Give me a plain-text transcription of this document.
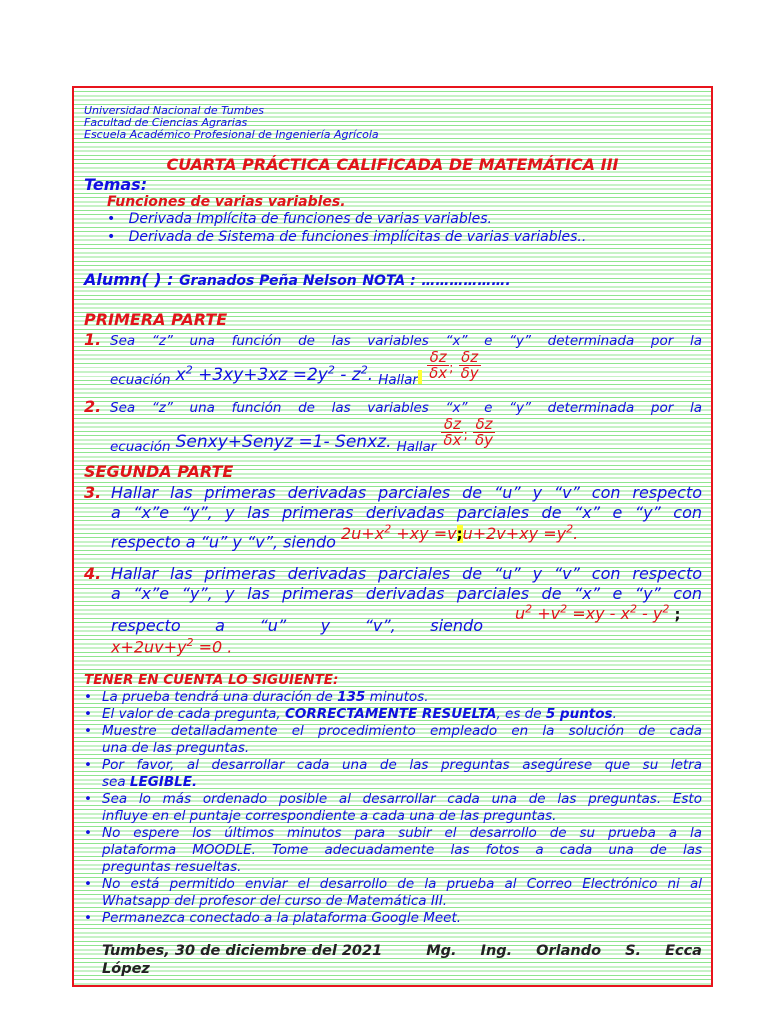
Universidad Nacional de Tumbes
Facultad de Ciencias Agrarias
Escuela Académico Profesional de Ingeniería Agrícola
CUARTA PRÁCTICA CALIFICADA DE MATEMÁTICA III
Temas:
Funciones de varias variables.
• Derivada Implícita de funciones de varias variables.
• Derivada de Sistema de funciones implícitas de varias variables..
Alumn( ) : Granados Peña Nelson NOTA : ……………….
PRIMERA PARTE
1. Sea “z” una función de las variables “x” e “y” determinada por la
$_{ecuación}$ $x^2 +3xy+3xz =2y^2 - z^2$. $_{Hallar} \frac{\delta z}{\delta x}$ ; $\frac{\delta z}{\delta y}$
2. Sea “z” una función de las variables “x” e “y” determinada por la
$_{ecuación}$ Senxy+Senyz =1- Senxz. $_{Hallar} \frac{\delta z}{\delta x}$ ; $\frac{\delta z}{\delta y}$
SEGUNDA PARTE
3. Hallar las primeras derivadas parciales de “u” y “v” con respecto
a “x”e “y”, y las primeras derivadas parciales de “x” e “y” con
respecto a “u” y “v”, siendo $2u+x^2 +xy$ =v;u+2v+xy $=y^2$.
4. Hallar las primeras derivadas parciales de “u” y “v” con respecto
a “x”e “y”, y las primeras derivadas parciales de “x” e “y” con
respecto a “u” y “v”, siendo
$u^2 +v^2 =xy - x^2 - y^2$ ;
$x+2uv+y^2 =0$ .
TENER EN CUENTA LO SIGUIENTE:
• La prueba tendrá una duración de 135 minutos.
• El valor de cada pregunta, CORRECTAMENTE RESUELTA, es de 5 puntos.
• Muestre detalladamente el procedimiento empleado en la solución de cada
una de las preguntas.
• Por favor, al desarrollar cada una de las preguntas asegúrese que su letra
sea LEGIBLE.
• Sea lo más ordenado posible al desarrollar cada una de las preguntas. Esto
influye en el puntaje correspondiente a cada una de las preguntas.
• No espere los últimos minutos para subir el desarrollo de su prueba a la
plataforma MOODLE. Tome adecuadamente las fotos a cada una de las
preguntas resueltas.
• No está permitido enviar el desarrollo de la prueba al Correo Electrónico ni al
Whatsapp del profesor del curso de Matemática III.
• Permanezca conectado a la plataforma Google Meet.
Tumbes, 30 de diciembre del 2021	Mg. Ing. Orlando S. Ecca
López
